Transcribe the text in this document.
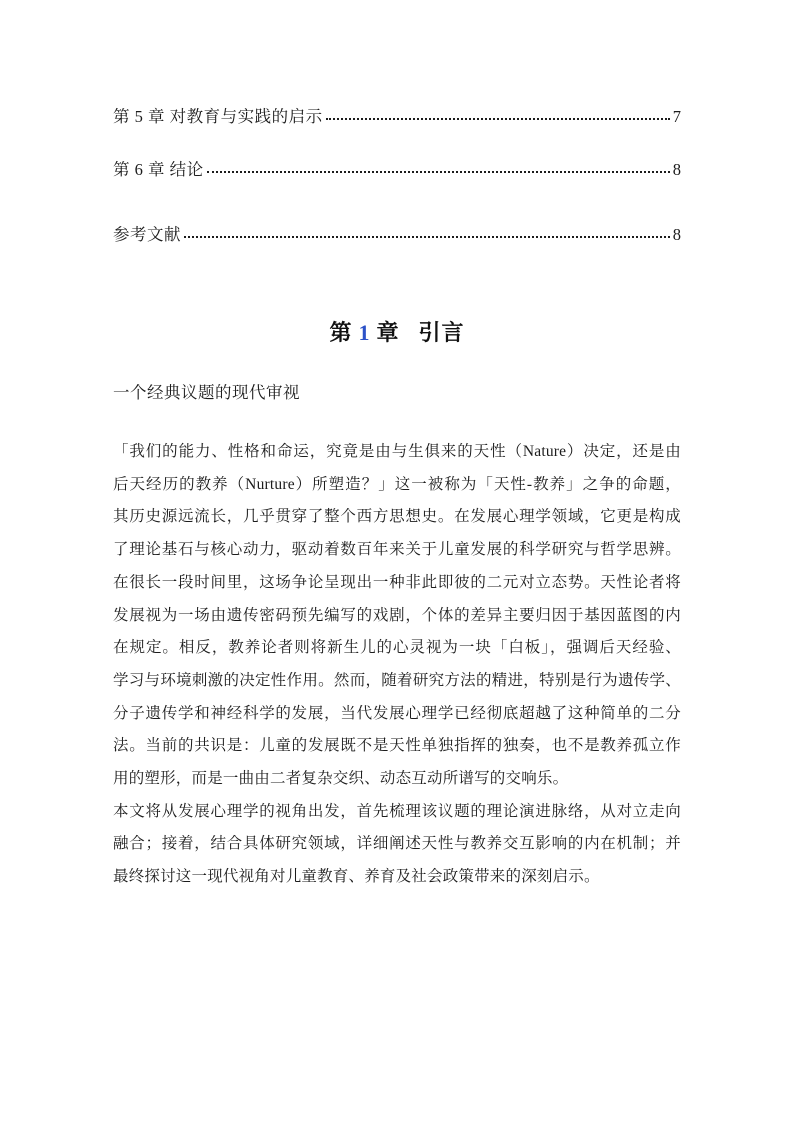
第 5 章 对教育与实践的启示	7
第 6 章 结论	8
参考文献	8
第 1 章 引言
一个经典议题的现代审视
「我们的能力、性格和命运，究竟是由与生俱来的天性（Nature）决定，还是由
后天经历的教养（Nurture）所塑造？」这一被称为「天性-教养」之争的命题，
其历史源远流长，几乎贯穿了整个西方思想史。在发展心理学领域，它更是构成
了理论基石与核心动力，驱动着数百年来关于儿童发展的科学研究与哲学思辨。
在很长一段时间里，这场争论呈现出一种非此即彼的二元对立态势。天性论者将
发展视为一场由遗传密码预先编写的戏剧，个体的差异主要归因于基因蓝图的内
在规定。相反，教养论者则将新生儿的心灵视为一块「白板」，强调后天经验、
学习与环境刺激的决定性作用。然而，随着研究方法的精进，特别是行为遗传学、
分子遗传学和神经科学的发展，当代发展心理学已经彻底超越了这种简单的二分
法。当前的共识是：儿童的发展既不是天性单独指挥的独奏，也不是教养孤立作
用的塑形，而是一曲由二者复杂交织、动态互动所谱写的交响乐。
本文将从发展心理学的视角出发，首先梳理该议题的理论演进脉络，从对立走向
融合；接着，结合具体研究领域，详细阐述天性与教养交互影响的内在机制；并
最终探讨这一现代视角对儿童教育、养育及社会政策带来的深刻启示。
